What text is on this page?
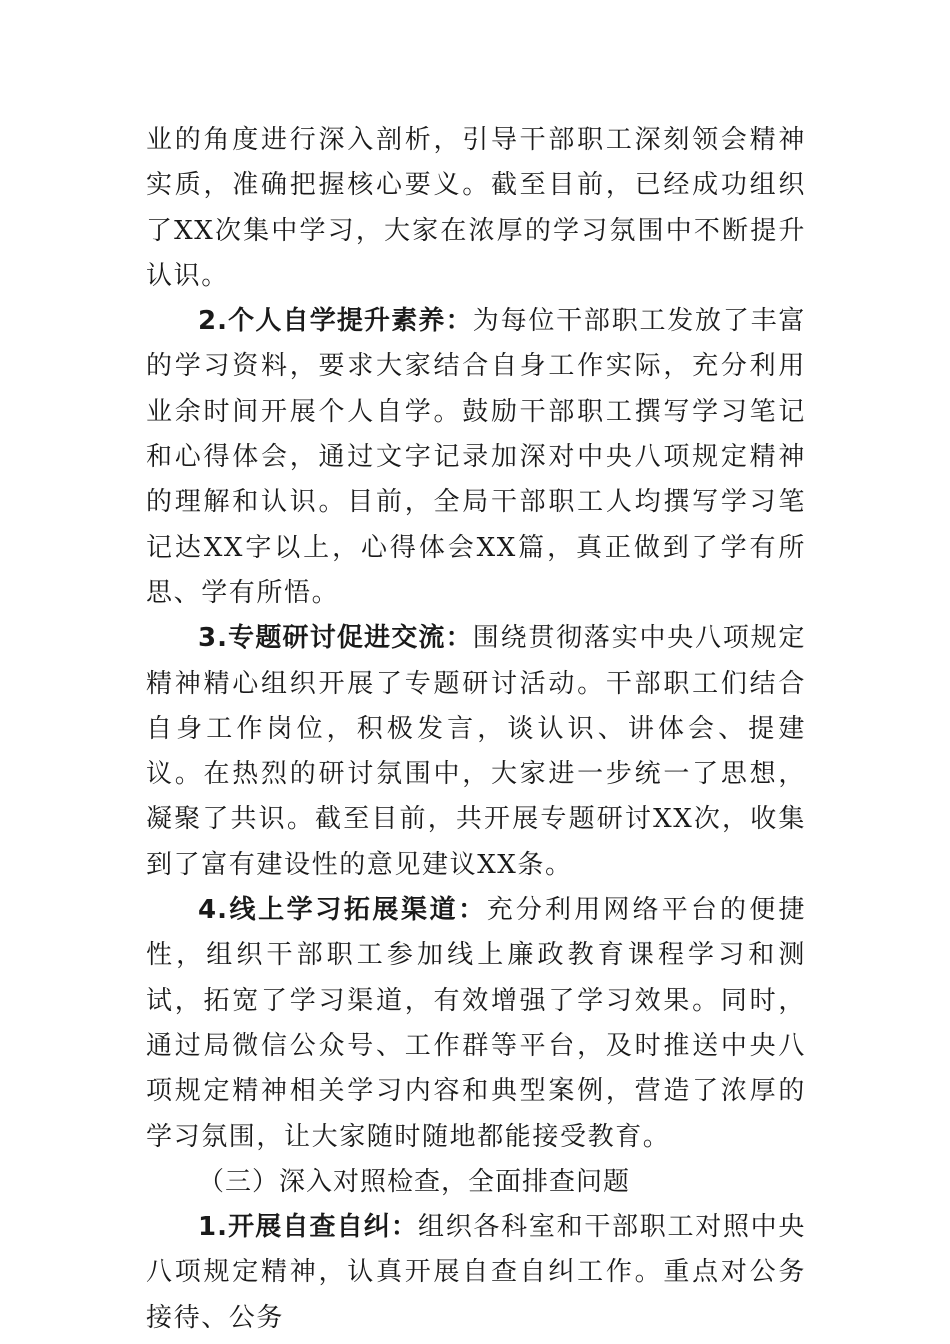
业的角度进行深入剖析，引导干部职工深刻领会精神实质，准确把握核心要义。截至目前，已经成功组织了XX次集中学习，大家在浓厚的学习氛围中不断提升认识。

2.个人自学提升素养：为每位干部职工发放了丰富的学习资料，要求大家结合自身工作实际，充分利用业余时间开展个人自学。鼓励干部职工撰写学习笔记和心得体会，通过文字记录加深对中央八项规定精神的理解和认识。目前，全局干部职工人均撰写学习笔记达XX字以上，心得体会XX篇，真正做到了学有所思、学有所悟。

3.专题研讨促进交流：围绕贯彻落实中央八项规定精神精心组织开展了专题研讨活动。干部职工们结合自身工作岗位，积极发言，谈认识、讲体会、提建议。在热烈的研讨氛围中，大家进一步统一了思想，凝聚了共识。截至目前，共开展专题研讨XX次，收集到了富有建设性的意见建议XX条。

4.线上学习拓展渠道：充分利用网络平台的便捷性，组织干部职工参加线上廉政教育课程学习和测试，拓宽了学习渠道，有效增强了学习效果。同时，通过局微信公众号、工作群等平台，及时推送中央八项规定精神相关学习内容和典型案例，营造了浓厚的学习氛围，让大家随时随地都能接受教育。

（三）深入对照检查，全面排查问题

1.开展自查自纠：组织各科室和干部职工对照中央八项规定精神，认真开展自查自纠工作。重点对公务接待、公务
